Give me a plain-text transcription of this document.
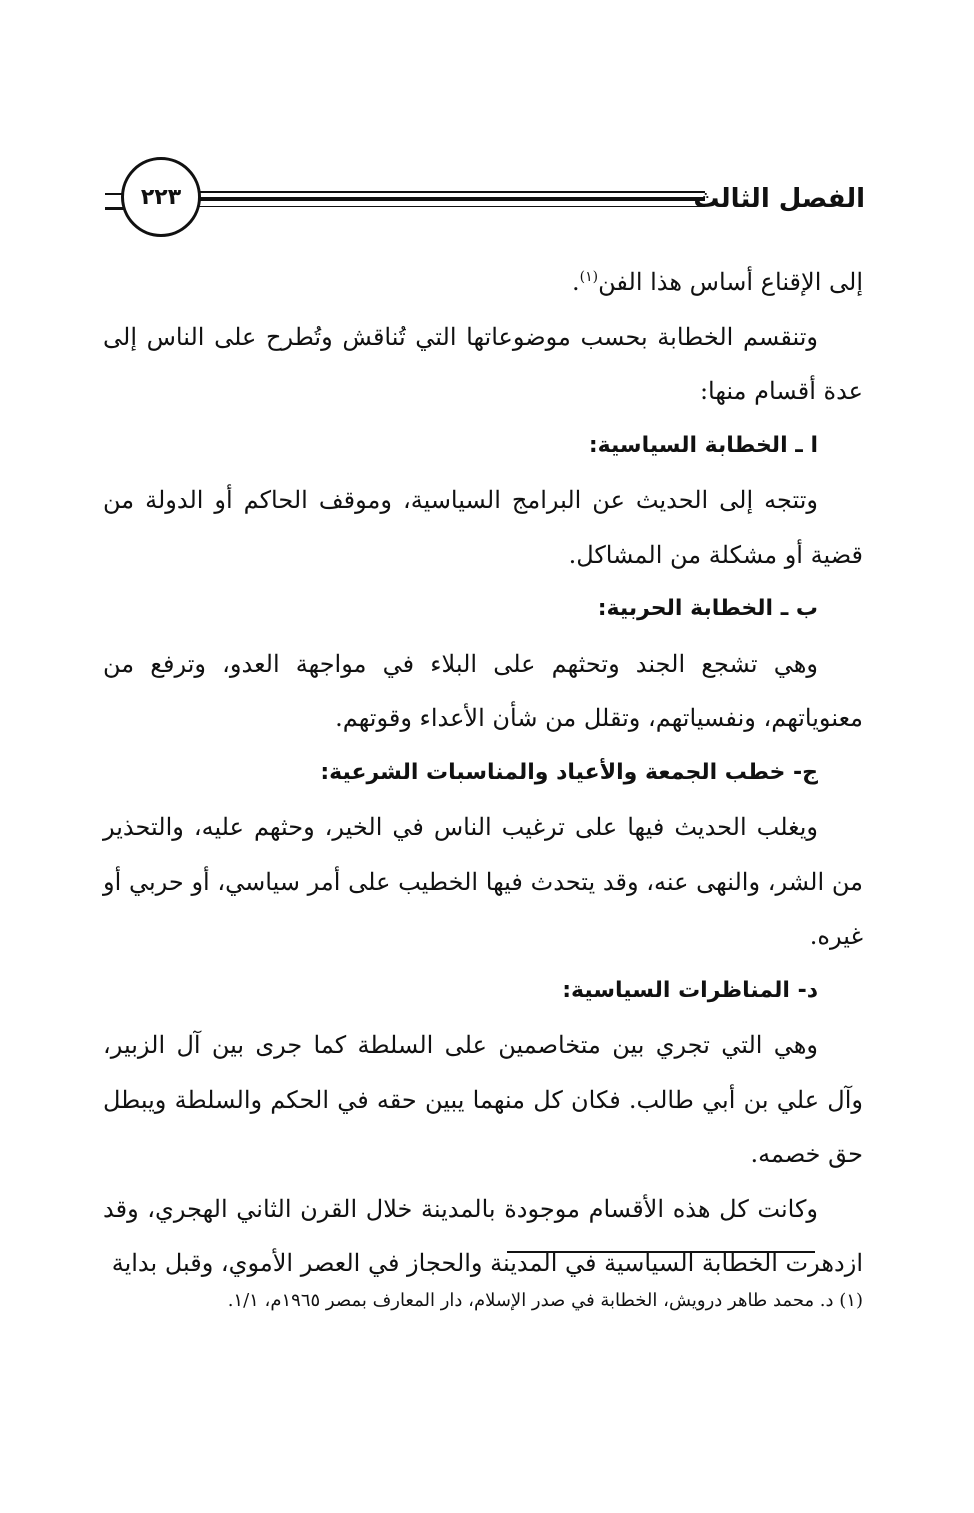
الفصل الثالث
٢٢٣

إلى الإقناع أساس هذا الفن$^{(١)}$.

وتنقسم الخطابة بحسب موضوعاتها التي تُناقش وتُطرح على الناس إلى عدة أقسام منها:

ا ـ الخطابة السياسية:

وتتجه إلى الحديث عن البرامج السياسية، وموقف الحاكم أو الدولة من قضية أو مشكلة من المشاكل.

ب ـ الخطابة الحربية:

وهي تشجع الجند وتحثهم على البلاء في مواجهة العدو، وترفع من معنوياتهم، ونفسياتهم، وتقلل من شأن الأعداء وقوتهم.

ج- خطب الجمعة والأعياد والمناسبات الشرعية:

ويغلب الحديث فيها على ترغيب الناس في الخير، وحثهم عليه، والتحذير من الشر، والنهى عنه، وقد يتحدث فيها الخطيب على أمر سياسي، أو حربي أو غيره.

د- المناظرات السياسية:

وهي التي تجري بين متخاصمين على السلطة كما جرى بين آل الزبير، وآل علي بن أبي طالب. فكان كل منهما يبين حقه في الحكم والسلطة ويبطل حق خصمه.

وكانت كل هذه الأقسام موجودة بالمدينة خلال القرن الثاني الهجري، وقد ازدهرت الخطابة السياسية في المدينة والحجاز في العصر الأموي، وقبل بداية

(١) د. محمد طاهر درويش، الخطابة في صدر الإسلام، دار المعارف بمصر ١٩٦٥م، ١/١.
